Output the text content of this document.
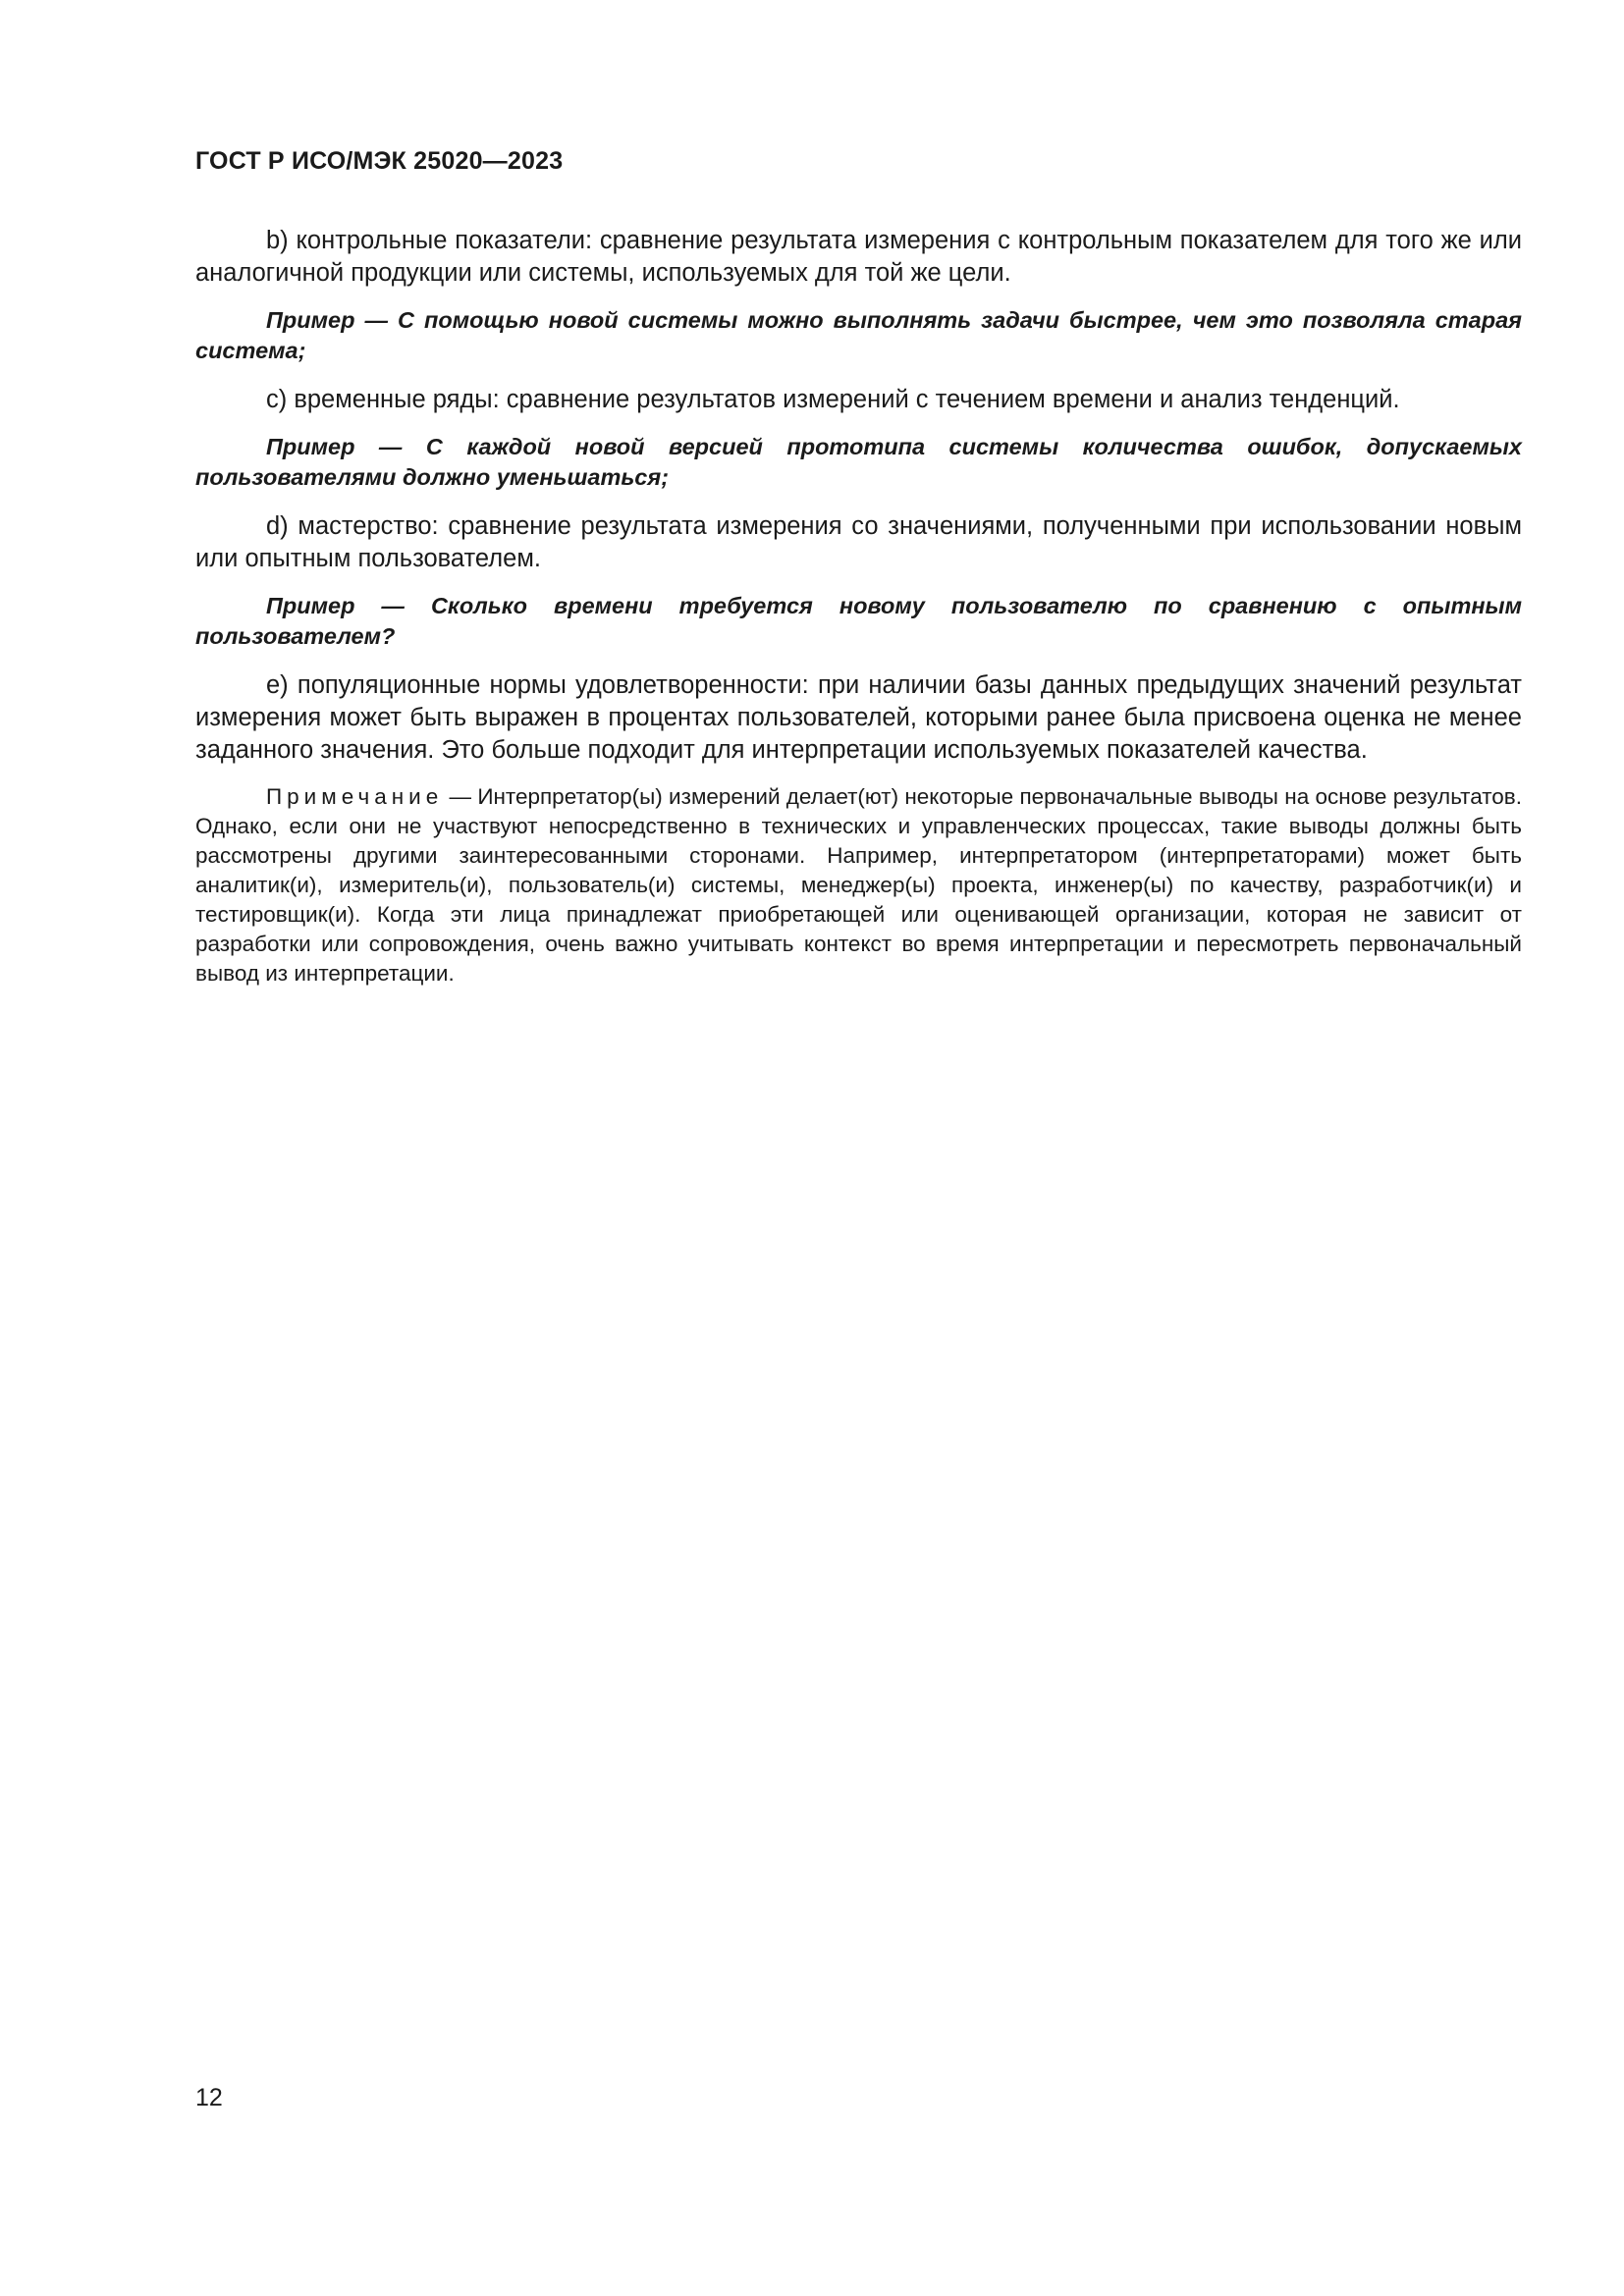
ГОСТ Р ИСО/МЭК 25020—2023

b) контрольные показатели: сравнение результата измерения с контрольным показателем для того же или аналогичной продукции или системы, используемых для той же цели.

Пример — С помощью новой системы можно выполнять задачи быстрее, чем это позволяла старая система;

c) временные ряды: сравнение результатов измерений с течением времени и анализ тенденций.

Пример — С каждой новой версией прототипа системы количества ошибок, допускаемых пользователями должно уменьшаться;

d) мастерство: сравнение результата измерения со значениями, полученными при использовании новым или опытным пользователем.

Пример — Сколько времени требуется новому пользователю по сравнению с опытным пользователем?

e) популяционные нормы удовлетворенности: при наличии базы данных предыдущих значений результат измерения может быть выражен в процентах пользователей, которыми ранее была присвоена оценка не менее заданного значения. Это больше подходит для интерпретации используемых показателей качества.

Примечание — Интерпретатор(ы) измерений делает(ют) некоторые первоначальные выводы на основе результатов. Однако, если они не участвуют непосредственно в технических и управленческих процессах, такие выводы должны быть рассмотрены другими заинтересованными сторонами. Например, интерпретатором (интерпретаторами) может быть аналитик(и), измеритель(и), пользователь(и) системы, менеджер(ы) проекта, инженер(ы) по качеству, разработчик(и) и тестировщик(и). Когда эти лица принадлежат приобретающей или оценивающей организации, которая не зависит от разработки или сопровождения, очень важно учитывать контекст во время интерпретации и пересмотреть первоначальный вывод из интерпретации.

12
